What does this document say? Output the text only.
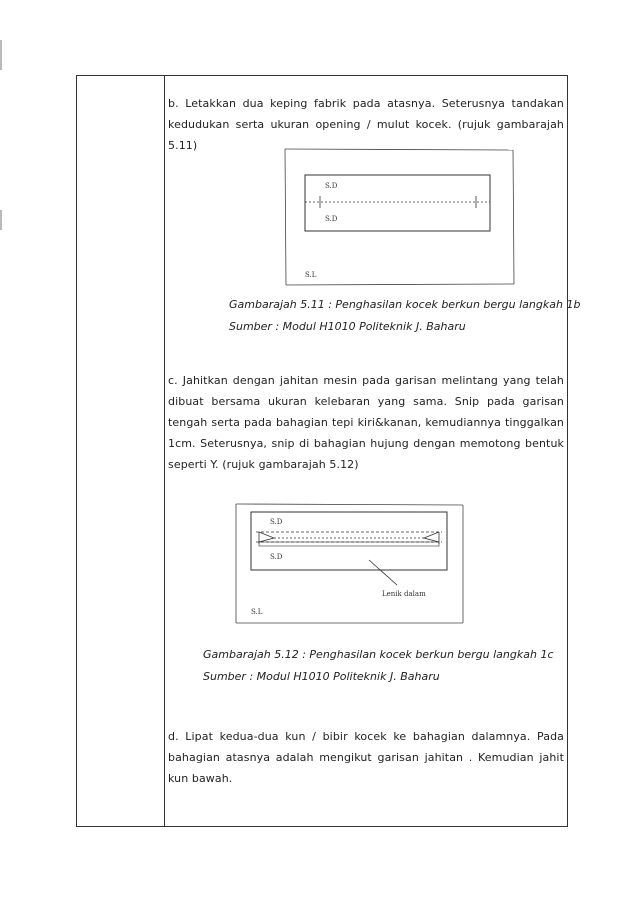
b. Letakkan dua keping fabrik pada atasnya. Seterusnya tandakan kedudukan serta ukuran opening / mulut kocek. (rujuk gambarajah 5.11)

S.D
S.D
S.L

Gambarajah 5.11 : Penghasilan kocek berkun bergu langkah 1b

Sumber : Modul H1010 Politeknik J. Baharu

c. Jahitkan dengan jahitan mesin pada garisan melintang yang telah dibuat bersama ukuran kelebaran yang sama. Snip pada garisan tengah serta pada bahagian tepi kiri&kanan, kemudiannya tinggalkan 1cm. Seterusnya, snip di bahagian hujung dengan memotong bentuk seperti Y. (rujuk gambarajah 5.12)

S.D
S.D
Lenik dalam
S.L

Gambarajah 5.12 : Penghasilan kocek berkun bergu langkah 1c

Sumber : Modul H1010 Politeknik J. Baharu

d. Lipat kedua-dua kun / bibir kocek ke bahagian dalamnya. Pada bahagian atasnya adalah mengikut garisan jahitan . Kemudian jahit kun bawah.
